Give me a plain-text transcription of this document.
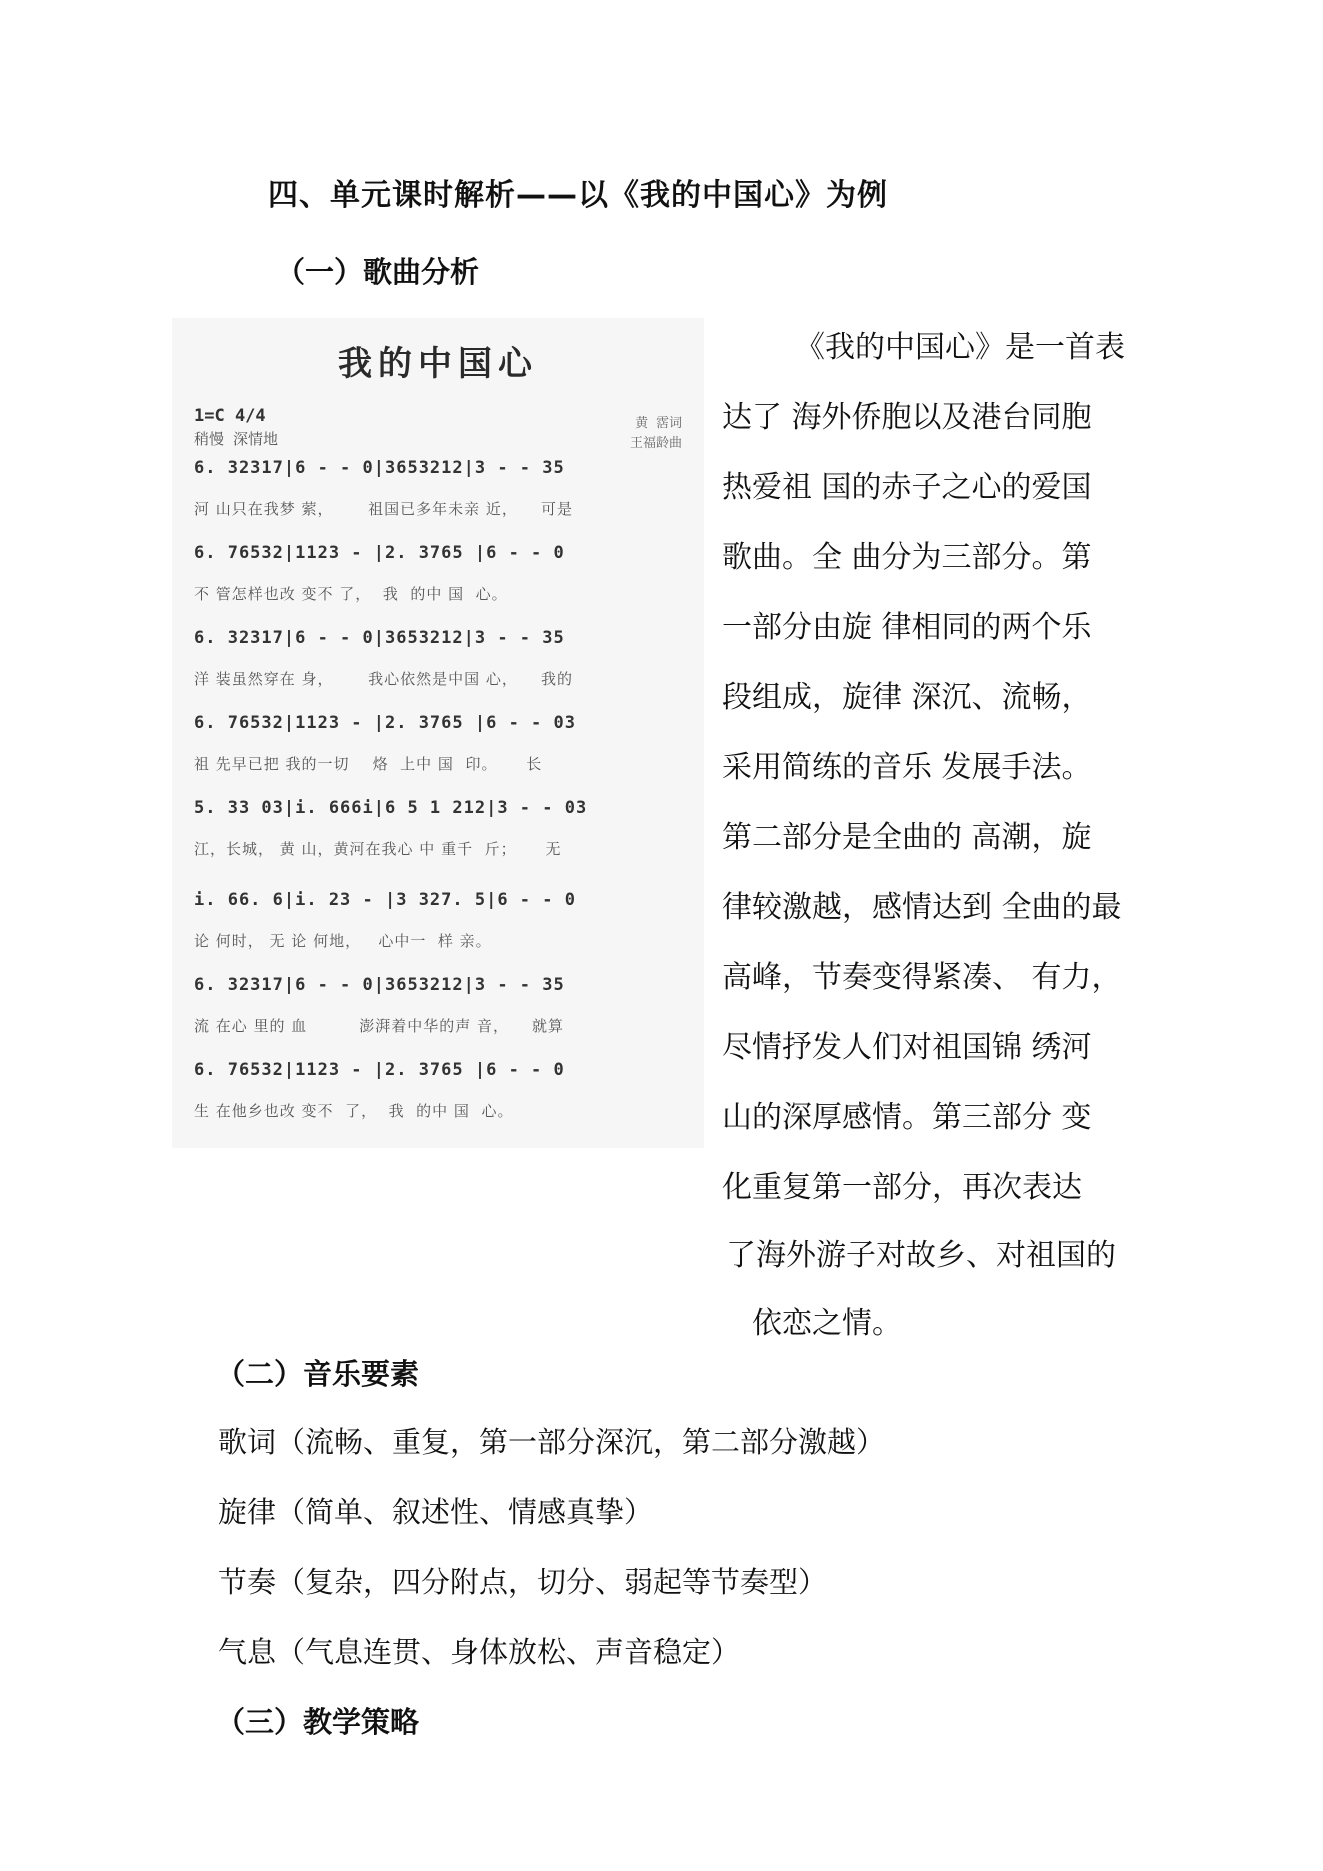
四、单元课时解析——以《我的中国心》为例
（一）歌曲分析
我的中国心
1=C 4/4
稍慢 深情地
黄 霑词
王福龄曲
6. 32317|6 - - 0|3653212|3 - - 35
河 山只在我梦 萦，      祖国已多年未亲 近，    可是
6. 76532|1123 - |2. 3765 |6 - - 0
不 管怎样也改 变不 了，  我  的中 国  心。
6. 32317|6 - - 0|3653212|3 - - 35
洋 装虽然穿在 身，      我心依然是中国 心，    我的
6. 76532|1123 - |2. 3765 |6 - - 03
祖 先早已把 我的一切    烙  上中 国  印。     长
5. 33 03|i. 666i|6 5 1 212|3 - - 03
江，长城， 黄 山，黄河在我心 中 重千  斤；     无
i. 66. 6|i. 23 - |3 327. 5|6 - - 0
论 何时， 无 论 何地，   心中一  样 亲。
6. 32317|6 - - 0|3653212|3 - - 35
流 在心 里的 血         澎湃着中华的声 音，    就算
6. 76532|1123 - |2. 3765 |6 - - 0
生 在他乡也改 变不  了，  我  的中 国  心。
《我的中国心》是一首表
达了 海外侨胞以及港台同胞
热爱祖 国的赤子之心的爱国
歌曲。全 曲分为三部分。第
一部分由旋 律相同的两个乐
段组成，旋律 深沉、流畅，
采用简练的音乐 发展手法。
第二部分是全曲的 高潮，旋
律较激越，感情达到 全曲的最
高峰，节奏变得紧凑、 有力，
尽情抒发人们对祖国锦 绣河
山的深厚感情。第三部分 变
化重复第一部分，再次表达
了海外游子对故乡、对祖国的
依恋之情。
（二）音乐要素
歌词（流畅、重复，第一部分深沉，第二部分激越）
旋律（简单、叙述性、情感真挚）
节奏（复杂，四分附点，切分、弱起等节奏型）
气息（气息连贯、身体放松、声音稳定）
（三）教学策略
